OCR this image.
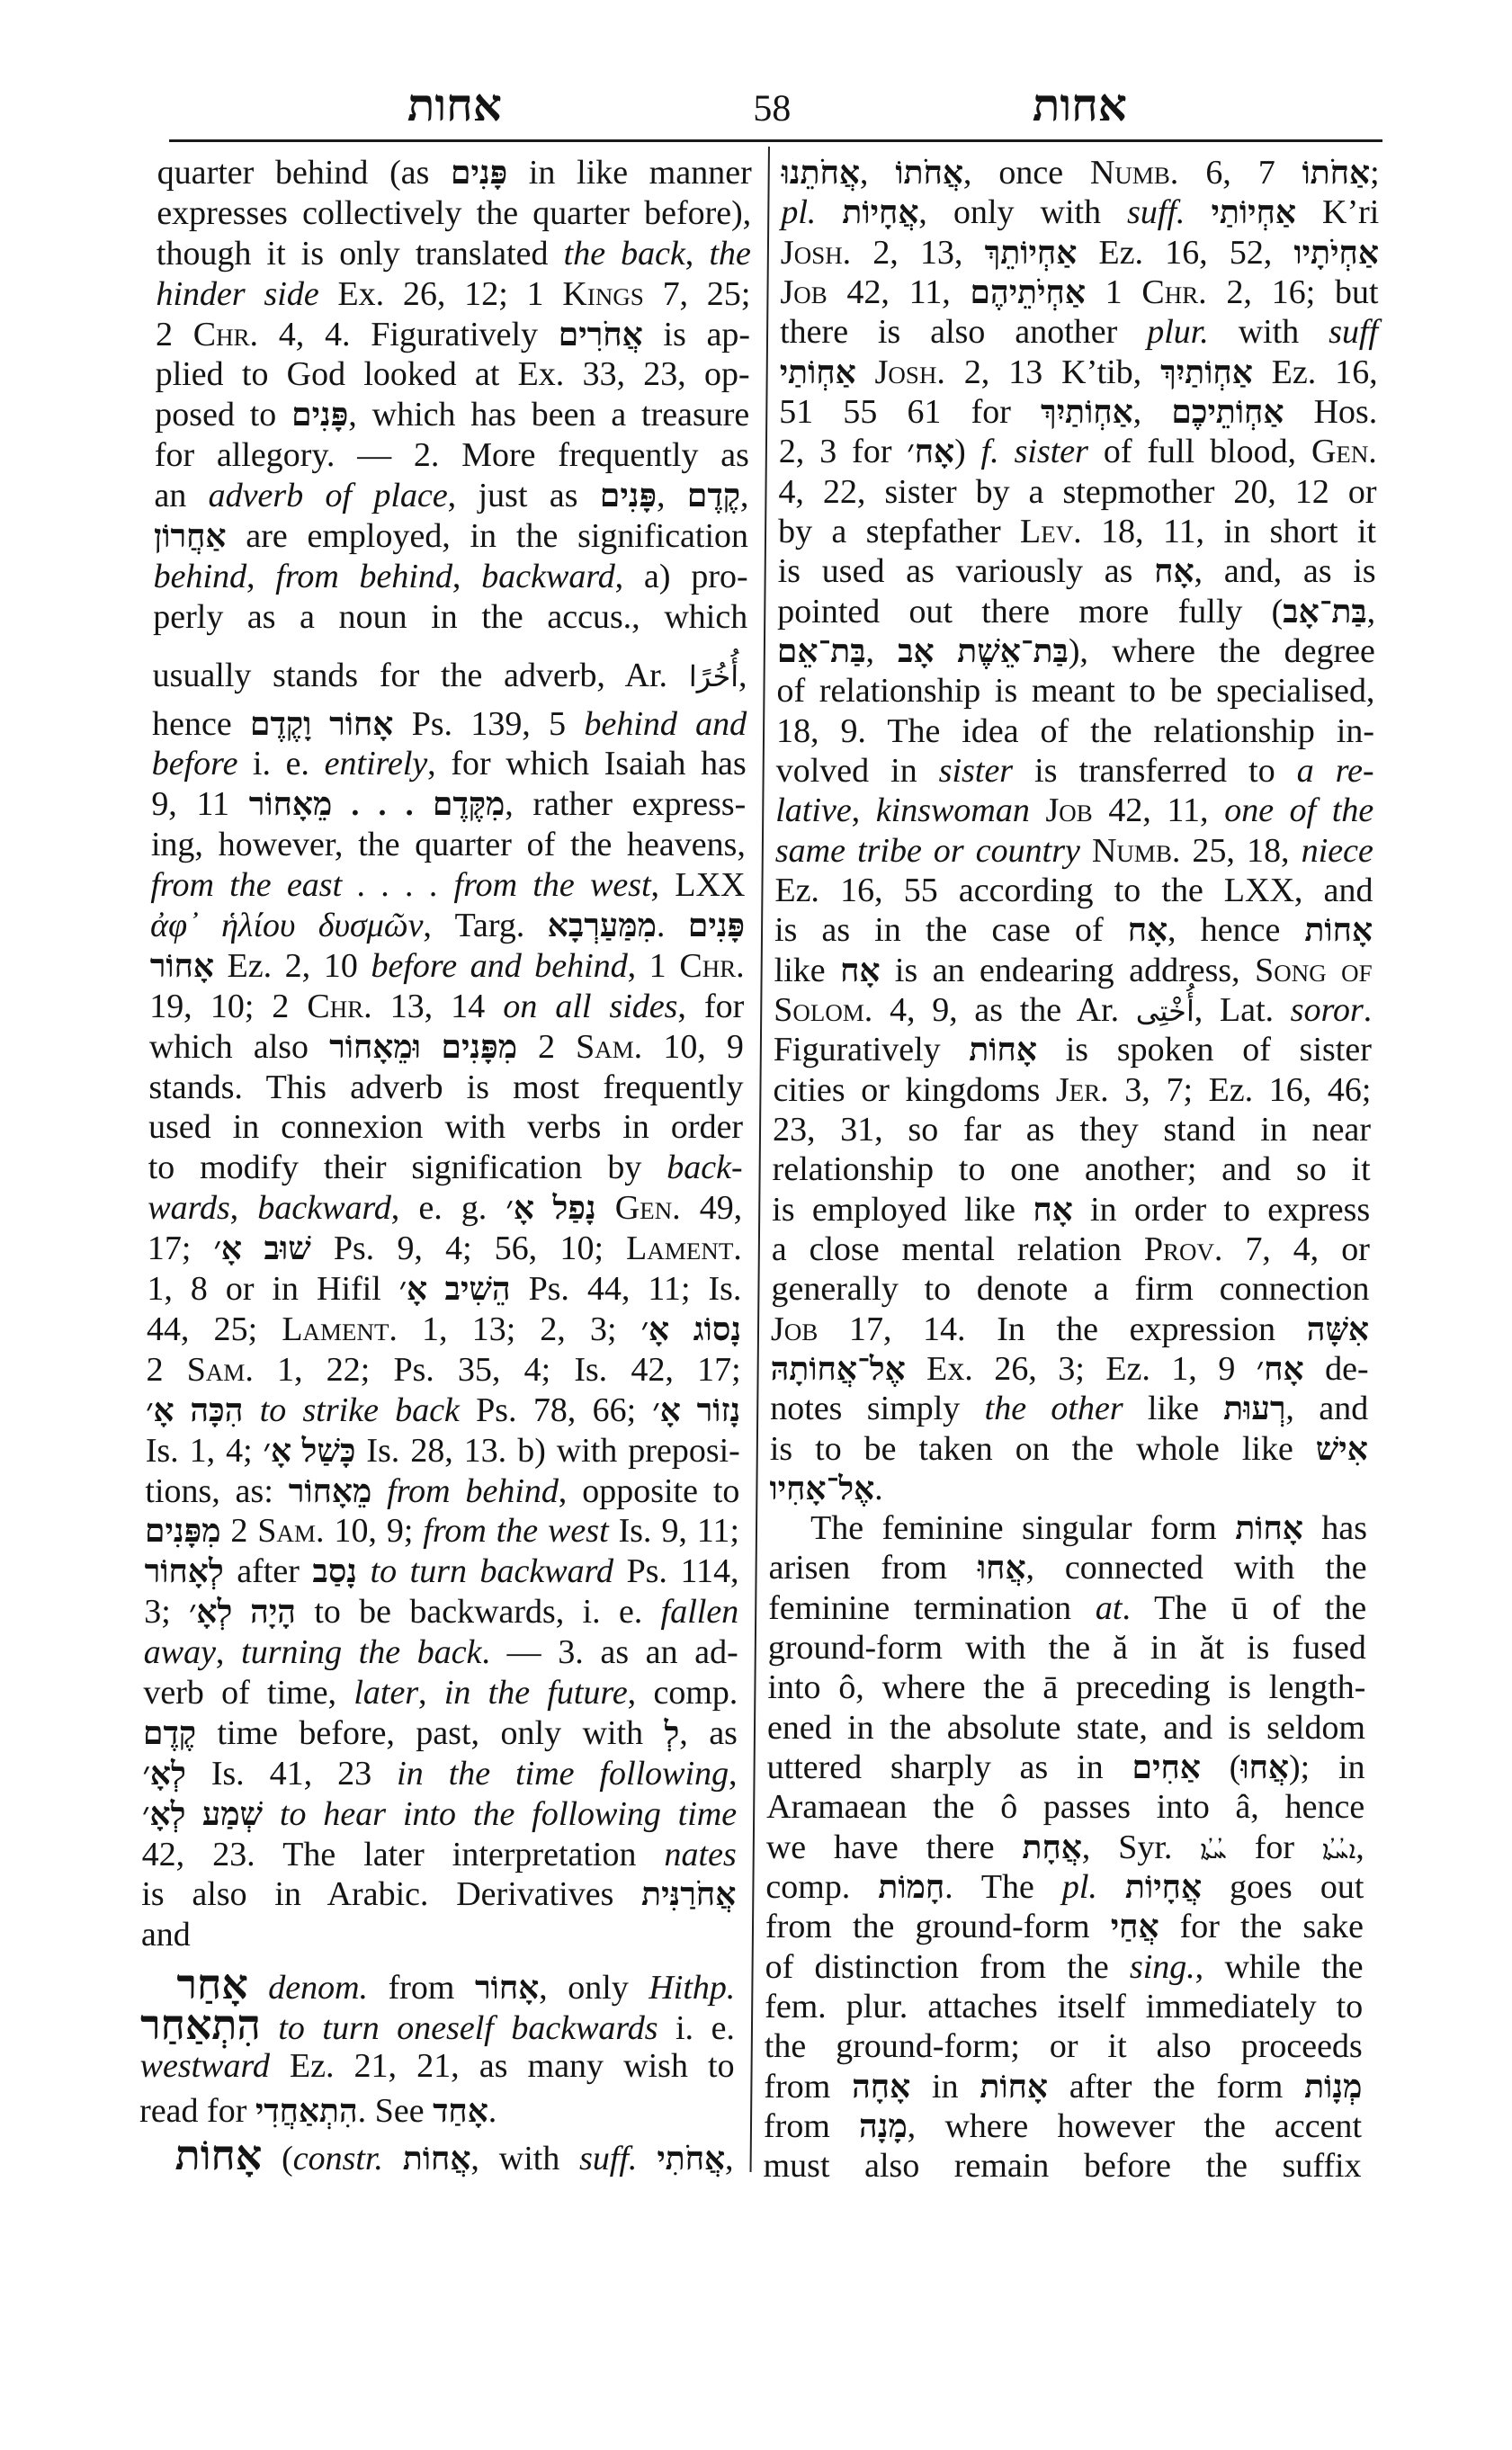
אחות	58	אחות
quarter behind (as פָּנִים in like manner
expresses collectively the quarter before),
though it is only translated the back, the
hinder side Ex. 26, 12; 1 Kings 7, 25;
2 Chr. 4, 4. Figuratively אֲחֹרִים is ap-
plied to God looked at Ex. 33, 23, op-
posed to פָּנִים, which has been a treasure
for allegory. — 2. More frequently as
an adverb of place, just as פָּנִים, קֶדֶם,
אַחֲרוֹן are employed, in the signification
behind, from behind, backward, a) pro-
perly as a noun in the accus., which
usually stands for the adverb, Ar. أُخُرًا,
hence אָחוֹר וָקֶדֶם Ps. 139, 5 behind and
before i. e. entirely, for which Isaiah has
9, 11 מִקֶּדֶם . . . מֵאָחוֹר, rather express-
ing, however, the quarter of the heavens,
from the east . . . . from the west, LXX
ἀφ᾽ ἡλίου δυσμῶν, Targ. מִמַּעַרְבָא. פָּנִים
אָחוֹר Ez. 2, 10 before and behind, 1 Chr.
19, 10; 2 Chr. 13, 14 on all sides, for
which also מִפָּנִים וּמֵאָחוֹר 2 Sam. 10, 9
stands. This adverb is most frequently
used in connexion with verbs in order
to modify their signification by back-
wards, backward, e. g. נָפַל אָ׳ Gen. 49,
17; שׁוּב אָ׳ Ps. 9, 4; 56, 10; Lament.
1, 8 or in Hifil הֵשִׁיב אָ׳ Ps. 44, 11; Is.
44, 25; Lament. 1, 13; 2, 3; נָסוֹג אָ׳
2 Sam. 1, 22; Ps. 35, 4; Is. 42, 17;
הִכָּה אָ׳ to strike back Ps. 78, 66; נָזוֹר אָ׳
Is. 1, 4; כָּשַׁל אָ׳ Is. 28, 13. b) with preposi-
tions, as: מֵאָחוֹר from behind, opposite to
מִפָּנִים 2 Sam. 10, 9; from the west Is. 9, 11;
לְאָחוֹר after נָסַב to turn backward Ps. 114,
3; הָיָה לְאָ׳ to be backwards, i. e. fallen
away, turning the back. — 3. as an ad-
verb of time, later, in the future, comp.
קֶדֶם time before, past, only with לְ, as
לְאָ׳ Is. 41, 23 in the time following,
שְׁמַע לְאָ׳ to hear into the following time
42, 23. The later interpretation nates
is also in Arabic. Derivatives אֲחֹרַנִּית
and
אָחַר denom. from אָחוֹר, only Hithp.
הִתְאַחַר to turn oneself backwards i. e.
westward Ez. 21, 21, as many wish to
read for הִתְאַחֲדִי. See אָחַד.
אָחוֹת (constr. אֲחוֹת, with suff. אֲחֹתִי,
אֲחֹתֵנוּ, אֲחֹתוֹ, once Numb. 6, 7 אַחֹתוֹ;
pl. אֲחָיוֹת, only with suff. אַחְיוֹתַי K’ri
Josh. 2, 13, אַחְיוֹתֵךְ Ez. 16, 52, אַחְיֹתָיו
Job 42, 11, אַחְיֹתֵיהֶם 1 Chr. 2, 16; but
there is also another plur. with suff
אַחְוֹתַי Josh. 2, 13 K’tib, אַחְוֹתַיִךְ Ez. 16,
51 55 61 for אַחְוֹתַיִךְ, אַחְוֹתֵיכֶם Hos.
2, 3 for אָח׳) f. sister of full blood, Gen.
4, 22, sister by a stepmother 20, 12 or
by a stepfather Lev. 18, 11, in short it
is used as variously as אָח, and, as is
pointed out there more fully (בַּת־אָב,
בַּת־אֵם, בַּת־אֵשֶׁת אָב), where the degree
of relationship is meant to be specialised,
18, 9. The idea of the relationship in-
volved in sister is transferred to a re-
lative, kinswoman Job 42, 11, one of the
same tribe or country Numb. 25, 18, niece
Ez. 16, 55 according to the LXX, and
is as in the case of אָח, hence אָחוֹת
like אָח is an endearing address, Song of
Solom. 4, 9, as the Ar. أُخْتِى, Lat. soror.
Figuratively אָחוֹת is spoken of sister
cities or kingdoms Jer. 3, 7; Ez. 16, 46;
23, 31, so far as they stand in near
relationship to one another; and so it
is employed like אָח in order to express
a close mental relation Prov. 7, 4, or
generally to denote a firm connection
Job 17, 14. In the expression אִשָּׁה
אֶל־אֲחוֹתָהּ Ex. 26, 3; Ez. 1, 9 אָח׳ de-
notes simply the other like רְעוּת, and
is to be taken on the whole like אִישׁ
אֶל־אָחִיו.
The feminine singular form אָחוֹת has
arisen from אֲחוּ, connected with the
feminine termination at. The ū of the
ground-form with the ă in ăt is fused
into ô, where the ā preceding is length-
ened in the absolute state, and is seldom
uttered sharply as in אַחִים (אֲחוּ); in
Aramaean the ô passes into â, hence
we have there אֲחָת, Syr. ܚܳܬܳܐ for ܐܚܳܬܳܐ,
comp. חָמוֹת. The pl. אֲחָיוֹת goes out
from the ground-form אֲחַי for the sake
of distinction from the sing., while the
fem. plur. attaches itself immediately to
the ground-form; or it also proceeds
from אָחָה in אָחוֹת after the form מְנָוֹת
from מָנָה, where however the accent
must also remain before the suffix
